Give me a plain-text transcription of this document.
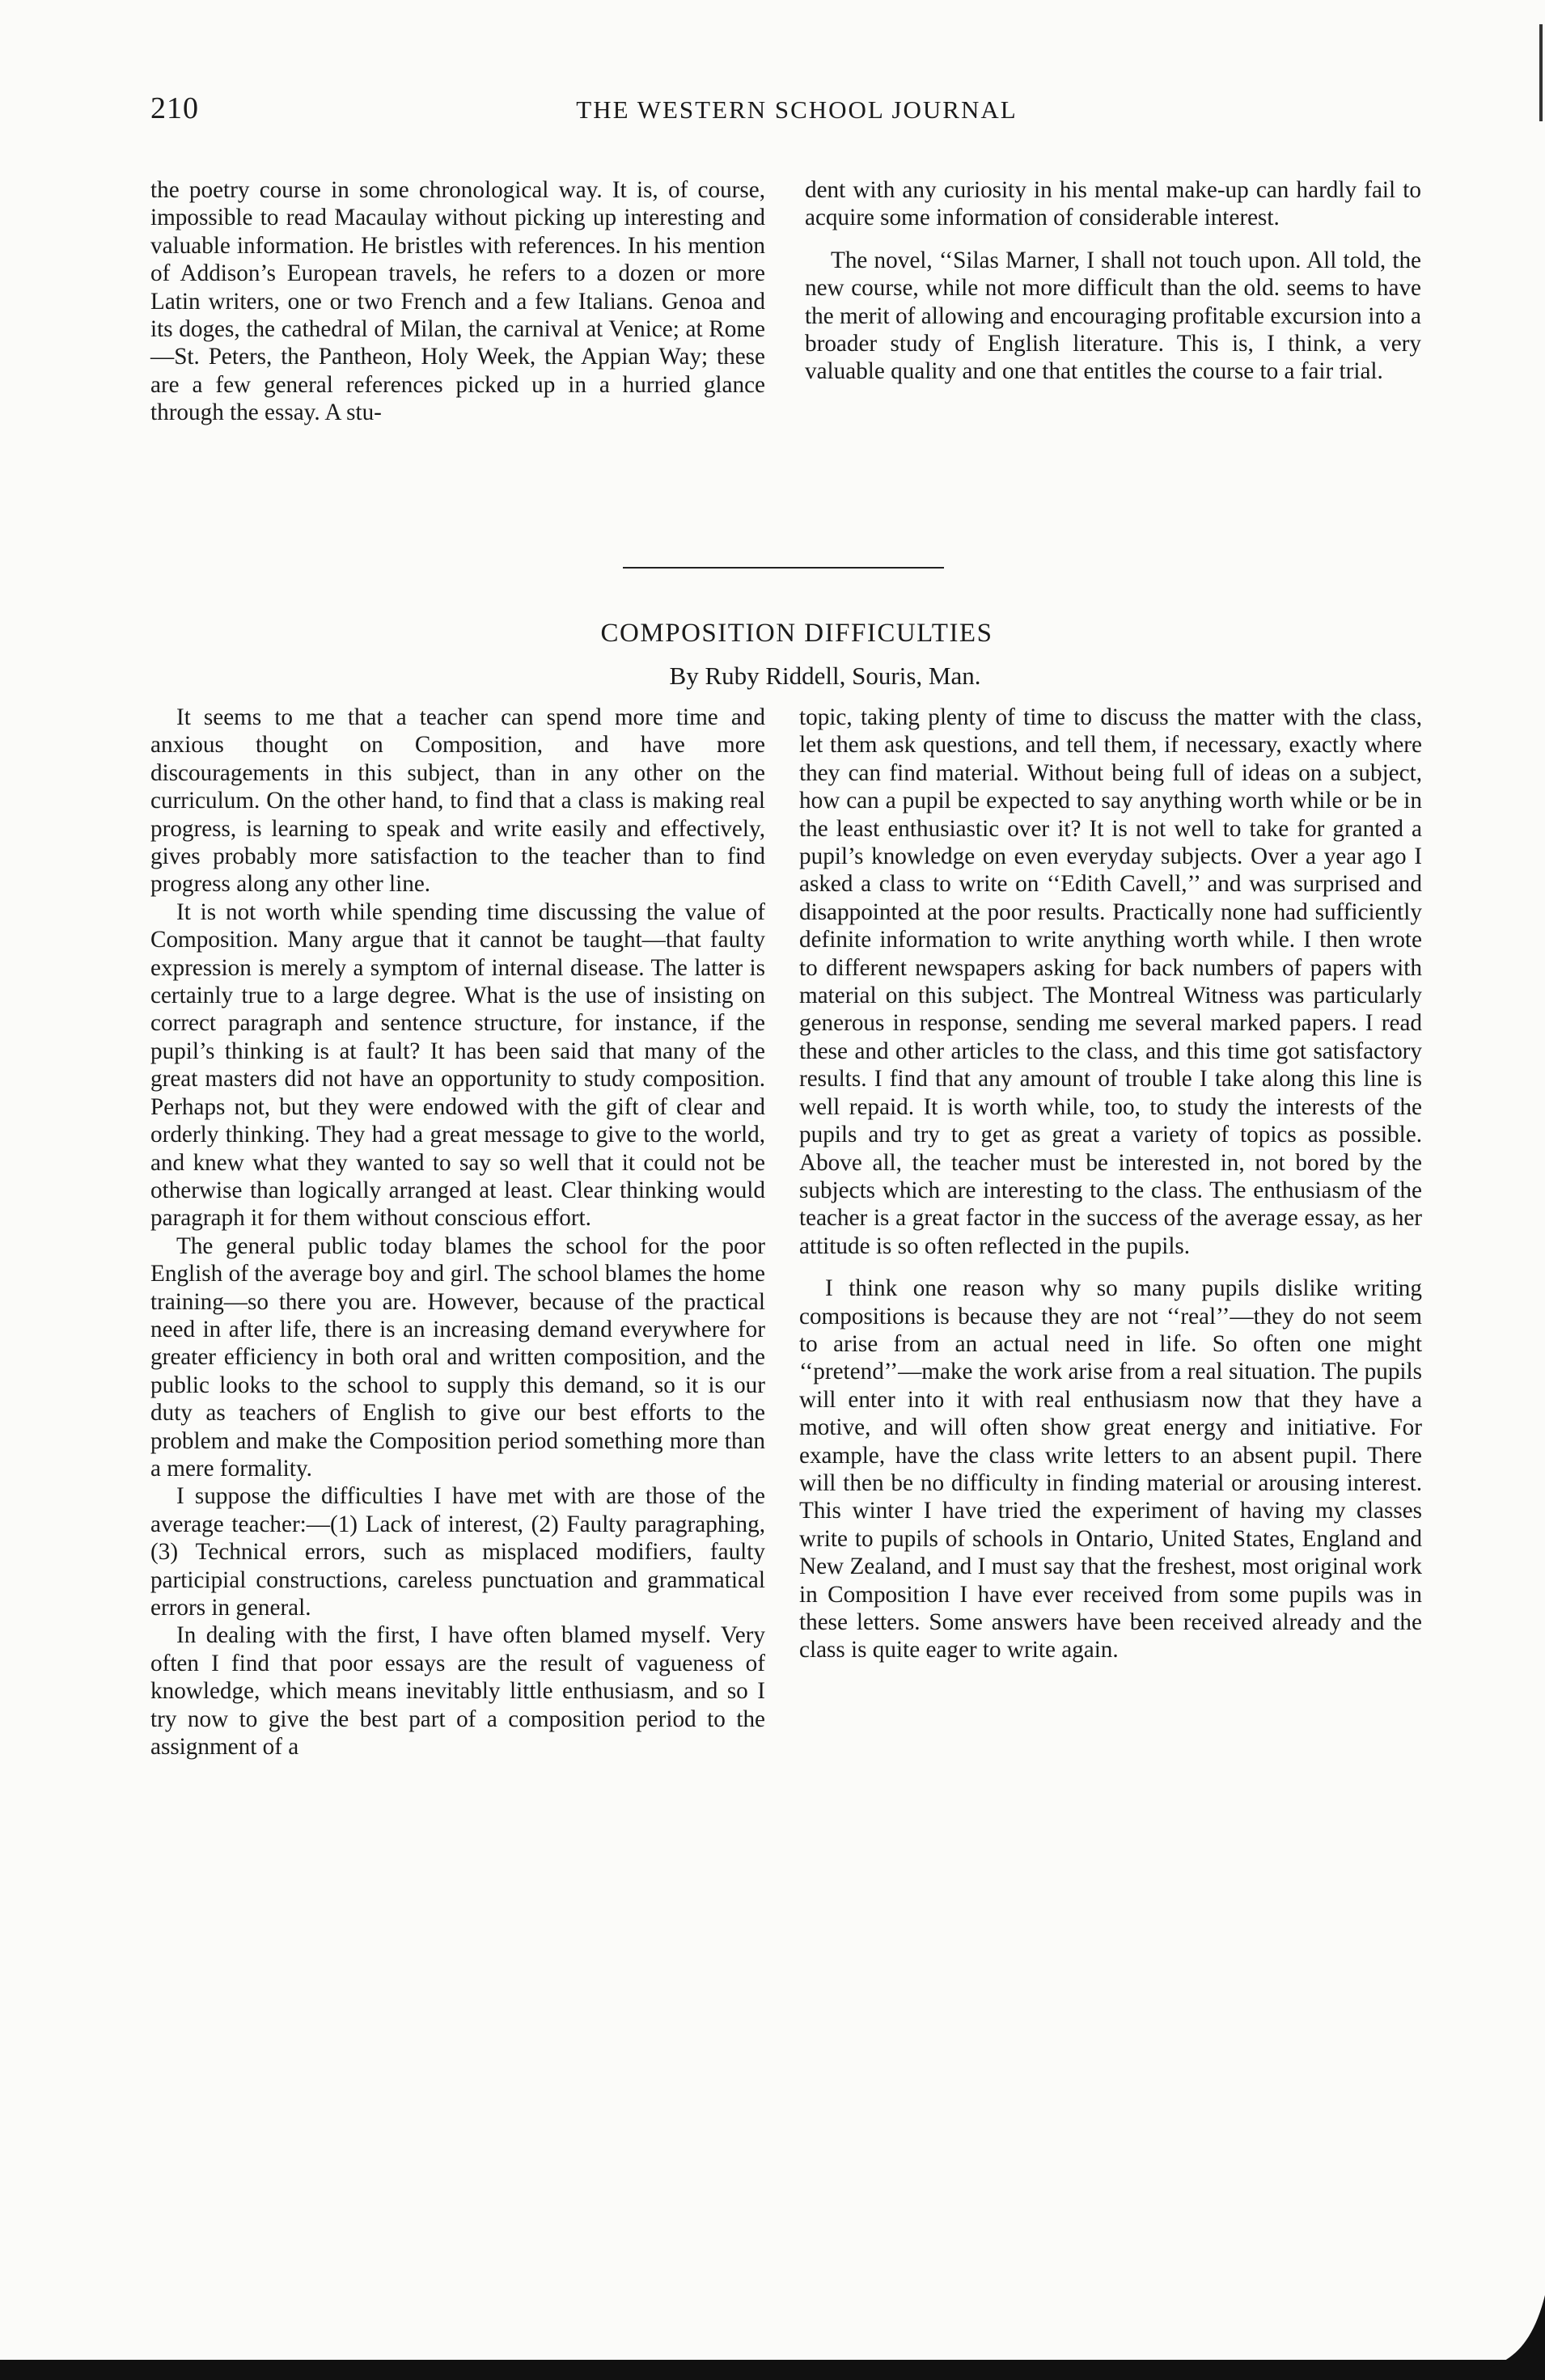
210	THE WESTERN SCHOOL JOURNAL

the poetry course in some chronological way. It is, of course, impossible to read Macaulay without picking up interesting and valuable information. He bristles with references. In his mention of Addison’s European travels, he refers to a dozen or more Latin writers, one or two French and a few Italians. Genoa and its doges, the cathedral of Milan, the carnival at Venice; at Rome—St. Peters, the Pantheon, Holy Week, the Appian Way; these are a few general references picked up in a hurried glance through the essay. A stu-

dent with any curiosity in his mental make-up can hardly fail to acquire some information of considerable interest.

The novel, ‘‘Silas Marner, I shall not touch upon. All told, the new course, while not more difficult than the old. seems to have the merit of allowing and encouraging profitable excursion into a broader study of English literature. This is, I think, a very valuable quality and one that entitles the course to a fair trial.

COMPOSITION DIFFICULTIES
By Ruby Riddell, Souris, Man.

It seems to me that a teacher can spend more time and anxious thought on Composition, and have more discouragements in this subject, than in any other on the curriculum. On the other hand, to find that a class is making real progress, is learning to speak and write easily and effectively, gives probably more satisfaction to the teacher than to find progress along any other line.

It is not worth while spending time discussing the value of Composition. Many argue that it cannot be taught—that faulty expression is merely a symptom of internal disease. The latter is certainly true to a large degree. What is the use of insisting on correct paragraph and sentence structure, for instance, if the pupil’s thinking is at fault? It has been said that many of the great masters did not have an opportunity to study composition. Perhaps not, but they were endowed with the gift of clear and orderly thinking. They had a great message to give to the world, and knew what they wanted to say so well that it could not be otherwise than logically arranged at least. Clear thinking would paragraph it for them without conscious effort.

The general public today blames the school for the poor English of the average boy and girl. The school blames the home training—so there you are. However, because of the practical need in after life, there is an increasing demand everywhere for greater efficiency in both oral and written composition, and the public looks to the school to supply this demand, so it is our duty as teachers of English to give our best efforts to the problem and make the Composition period something more than a mere formality.

I suppose the difficulties I have met with are those of the average teacher:—(1) Lack of interest, (2) Faulty paragraphing, (3) Technical errors, such as misplaced modifiers, faulty participial constructions, careless punctuation and grammatical errors in general.

In dealing with the first, I have often blamed myself. Very often I find that poor essays are the result of vagueness of knowledge, which means inevitably little enthusiasm, and so I try now to give the best part of a composition period to the assignment of a

topic, taking plenty of time to discuss the matter with the class, let them ask questions, and tell them, if necessary, exactly where they can find material. Without being full of ideas on a subject, how can a pupil be expected to say anything worth while or be in the least enthusiastic over it? It is not well to take for granted a pupil’s knowledge on even everyday subjects. Over a year ago I asked a class to write on ‘‘Edith Cavell,’’ and was surprised and disappointed at the poor results. Practically none had sufficiently definite information to write anything worth while. I then wrote to different newspapers asking for back numbers of papers with material on this subject. The Montreal Witness was particularly generous in response, sending me several marked papers. I read these and other articles to the class, and this time got satisfactory results. I find that any amount of trouble I take along this line is well repaid. It is worth while, too, to study the interests of the pupils and try to get as great a variety of topics as possible. Above all, the teacher must be interested in, not bored by the subjects which are interesting to the class. The enthusiasm of the teacher is a great factor in the success of the average essay, as her attitude is so often reflected in the pupils.

I think one reason why so many pupils dislike writing compositions is because they are not ‘‘real’’—they do not seem to arise from an actual need in life. So often one might ‘‘pretend’’—make the work arise from a real situation. The pupils will enter into it with real enthusiasm now that they have a motive, and will often show great energy and initiative. For example, have the class write letters to an absent pupil. There will then be no difficulty in finding material or arousing interest. This winter I have tried the experiment of having my classes write to pupils of schools in Ontario, United States, England and New Zealand, and I must say that the freshest, most original work in Composition I have ever received from some pupils was in these letters. Some answers have been received already and the class is quite eager to write again.
